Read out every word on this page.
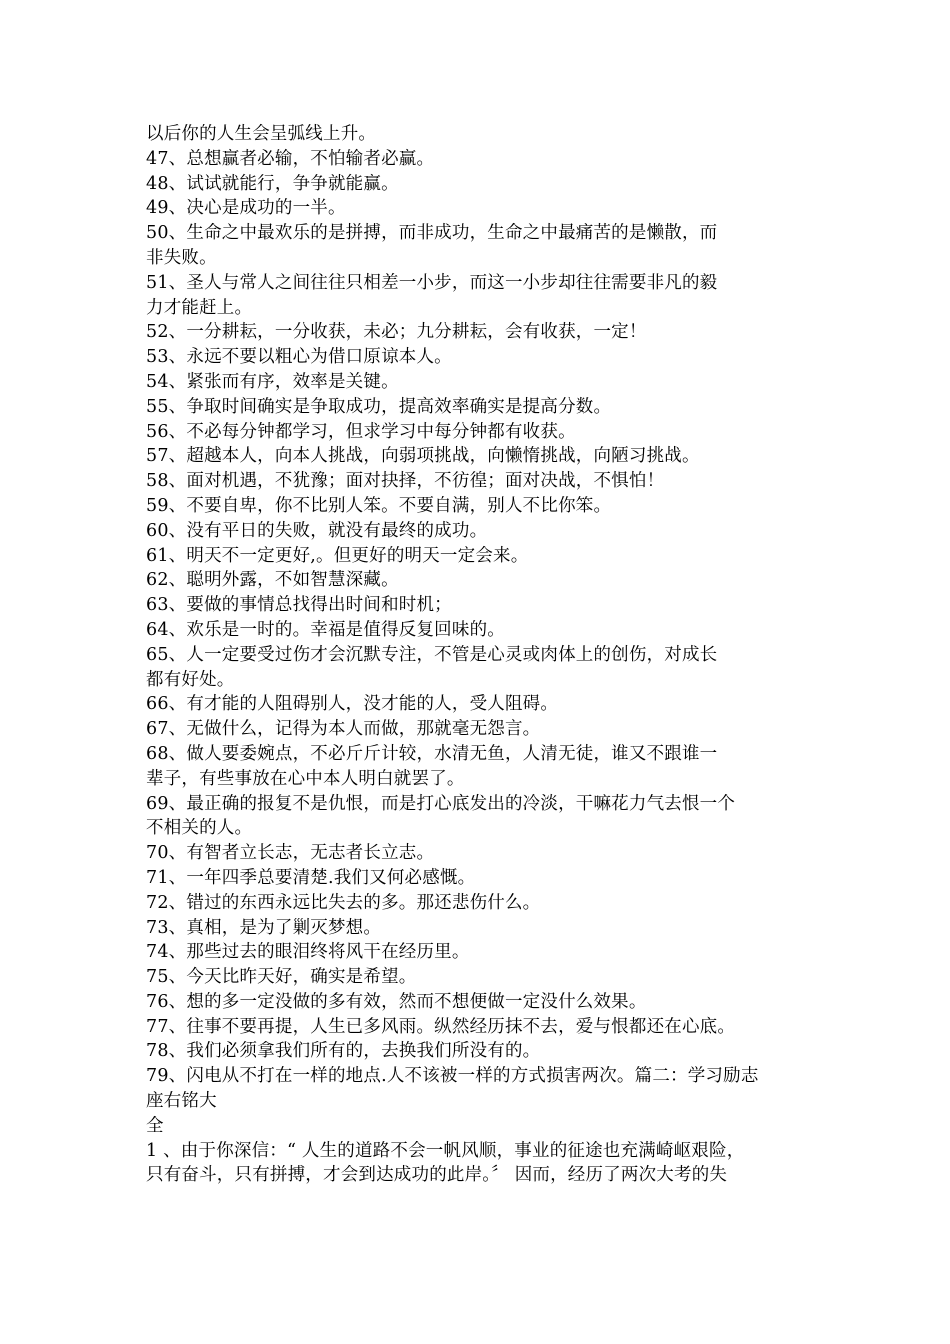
以后你的人生会呈弧线上升。
47、总想赢者必输，不怕输者必赢。
48、试试就能行，争争就能赢。
49、决心是成功的一半。
50、生命之中最欢乐的是拼搏，而非成功，生命之中最痛苦的是懒散，而
非失败。
51、圣人与常人之间往往只相差一小步，而这一小步却往往需要非凡的毅
力才能赶上。
52、一分耕耘，一分收获，未必；九分耕耘，会有收获，一定！
53、永远不要以粗心为借口原谅本人。
54、紧张而有序，效率是关键。
55、争取时间确实是争取成功，提高效率确实是提高分数。
56、不必每分钟都学习，但求学习中每分钟都有收获。
57、超越本人，向本人挑战，向弱项挑战，向懒惰挑战，向陋习挑战。
58、面对机遇，不犹豫；面对抉择，不彷徨；面对决战，不惧怕！
59、不要自卑，你不比别人笨。不要自满，别人不比你笨。
60、没有平日的失败，就没有最终的成功。
61、明天不一定更好,。但更好的明天一定会来。
62、聪明外露，不如智慧深藏。
63、要做的事情总找得出时间和时机；
64、欢乐是一时的。幸福是值得反复回味的。
65、人一定要受过伤才会沉默专注，不管是心灵或肉体上的创伤，对成长
都有好处。
66、有才能的人阻碍别人，没才能的人，受人阻碍。
67、无做什么，记得为本人而做，那就毫无怨言。
68、做人要委婉点，不必斤斤计较，水清无鱼，人清无徒，谁又不跟谁一
辈子，有些事放在心中本人明白就罢了。
69、最正确的报复不是仇恨，而是打心底发出的冷淡，干嘛花力气去恨一个
不相关的人。
70、有智者立长志，无志者长立志。
71、一年四季总要清楚.我们又何必感慨。
72、错过的东西永远比失去的多。那还悲伤什么。
73、真相，是为了剿灭梦想。
74、那些过去的眼泪终将风干在经历里。
75、今天比昨天好，确实是希望。
76、想的多一定没做的多有效，然而不想便做一定没什么效果。
77、往事不要再提，人生已多风雨。纵然经历抹不去，爱与恨都还在心底。
78、我们必须拿我们所有的，去换我们所没有的。
79、闪电从不打在一样的地点.人不该被一样的方式损害两次。篇二：学习励志
座右铭大
全
1 、由于你深信：“ 人生的道路不会一帆风顺，事业的征途也充满崎岖艰险，
只有奋斗，只有拼搏，才会到达成功的此岸。〞 因而，经历了两次大考的失
